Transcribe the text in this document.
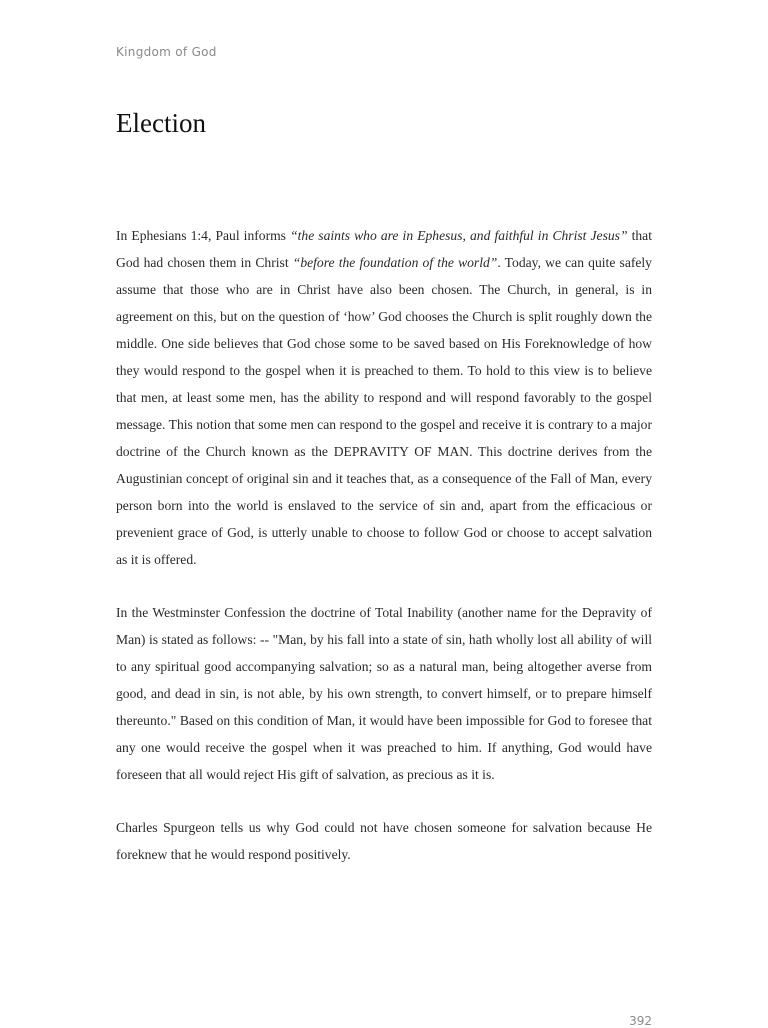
Kingdom of God
Election

In Ephesians 1:4, Paul informs “the saints who are in Ephesus, and faithful in Christ Jesus” that God had chosen them in Christ “before the foundation of the world”. Today, we can quite safely assume that those who are in Christ have also been chosen. The Church, in general, is in agreement on this, but on the question of ‘how’ God chooses the Church is split roughly down the middle. One side believes that God chose some to be saved based on His Foreknowledge of how they would respond to the gospel when it is preached to them. To hold to this view is to believe that men, at least some men, has the ability to respond and will respond favorably to the gospel message. This notion that some men can respond to the gospel and receive it is contrary to a major doctrine of the Church known as the DEPRAVITY OF MAN. This doctrine derives from the Augustinian concept of original sin and it teaches that, as a consequence of the Fall of Man, every person born into the world is enslaved to the service of sin and, apart from the efficacious or prevenient grace of God, is utterly unable to choose to follow God or choose to accept salvation as it is offered.

In the Westminster Confession the doctrine of Total Inability (another name for the Depravity of Man) is stated as follows: -- "Man, by his fall into a state of sin, hath wholly lost all ability of will to any spiritual good accompanying salvation; so as a natural man, being altogether averse from good, and dead in sin, is not able, by his own strength, to convert himself, or to prepare himself thereunto." Based on this condition of Man, it would have been impossible for God to foresee that any one would receive the gospel when it was preached to him. If anything, God would have foreseen that all would reject His gift of salvation, as precious as it is.

Charles Spurgeon tells us why God could not have chosen someone for salvation because He foreknew that he would respond positively.

392
